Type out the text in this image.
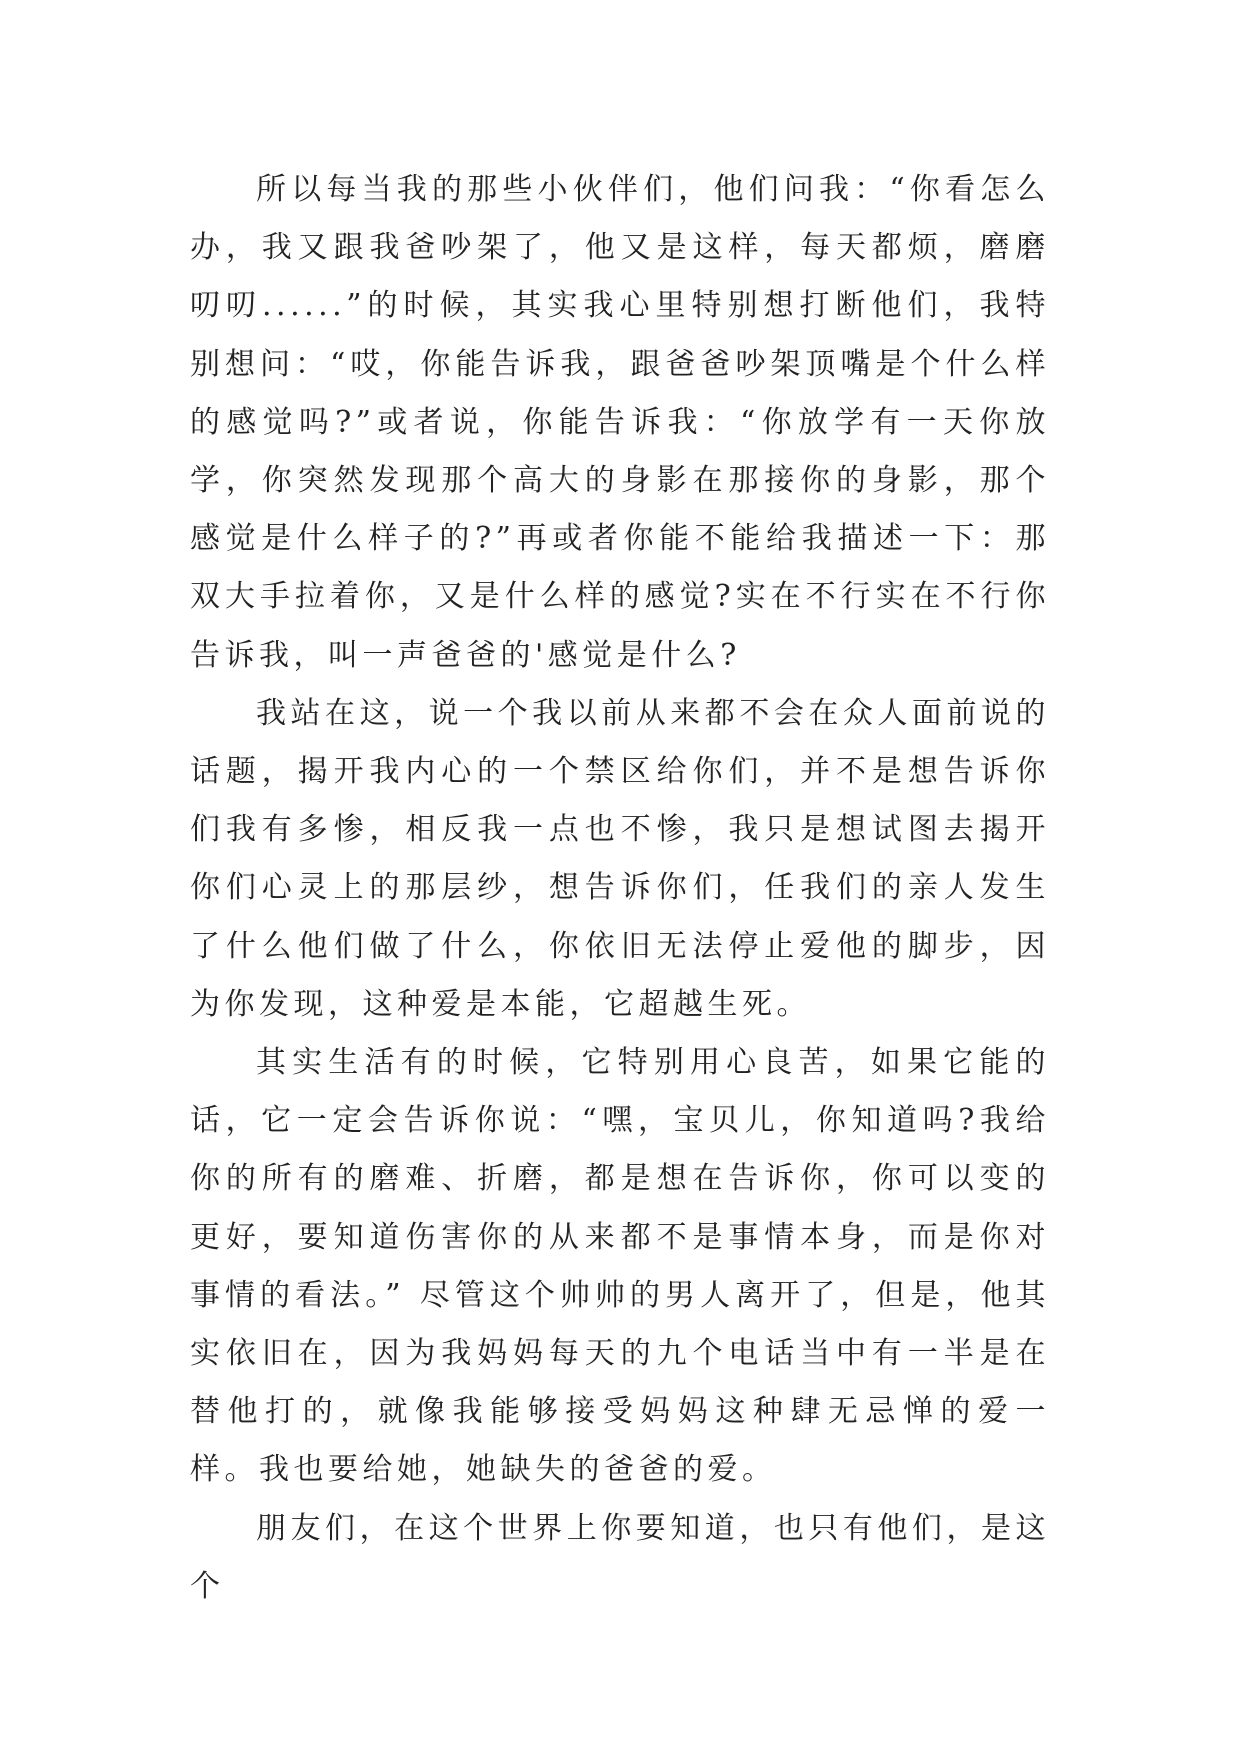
所以每当我的那些小伙伴们，他们问我：“你看怎么办，我又跟我爸吵架了，他又是这样，每天都烦，磨磨叨叨......”的时候，其实我心里特别想打断他们，我特别想问：“哎，你能告诉我，跟爸爸吵架顶嘴是个什么样的感觉吗?”或者说，你能告诉我：“你放学有一天你放学，你突然发现那个高大的身影在那接你的身影，那个感觉是什么样子的?”再或者你能不能给我描述一下：那双大手拉着你，又是什么样的感觉?实在不行实在不行你告诉我，叫一声爸爸的'感觉是什么?

我站在这，说一个我以前从来都不会在众人面前说的话题，揭开我内心的一个禁区给你们，并不是想告诉你们我有多惨，相反我一点也不惨，我只是想试图去揭开你们心灵上的那层纱，想告诉你们，任我们的亲人发生了什么他们做了什么，你依旧无法停止爱他的脚步，因为你发现，这种爱是本能，它超越生死。

其实生活有的时候，它特别用心良苦，如果它能的话，它一定会告诉你说：“嘿，宝贝儿，你知道吗?我给你的所有的磨难、折磨，都是想在告诉你，你可以变的更好，要知道伤害你的从来都不是事情本身，而是你对事情的看法。” 尽管这个帅帅的男人离开了，但是，他其实依旧在，因为我妈妈每天的九个电话当中有一半是在替他打的，就像我能够接受妈妈这种肆无忌惮的爱一样。我也要给她，她缺失的爸爸的爱。

朋友们，在这个世界上你要知道，也只有他们，是这个
